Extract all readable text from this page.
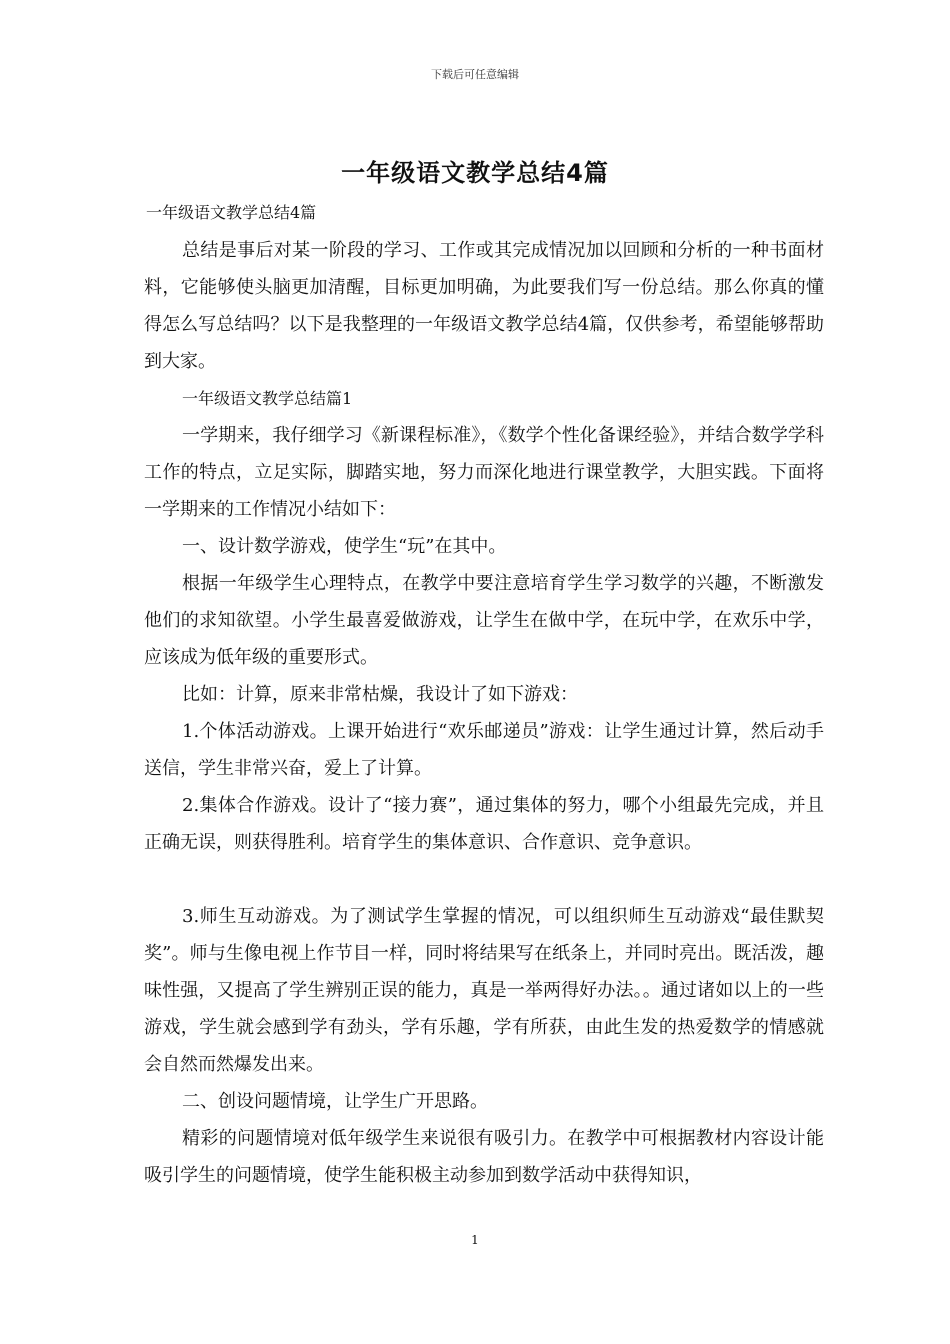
下载后可任意编辑
一年级语文教学总结4篇
一年级语文教学总结4篇

总结是事后对某一阶段的学习、工作或其完成情况加以回顾和分析的一种书面材料，它能够使头脑更加清醒，目标更加明确，为此要我们写一份总结。那么你真的懂得怎么写总结吗？以下是我整理的一年级语文教学总结4篇，仅供参考，希望能够帮助到大家。

一年级语文教学总结篇1

一学期来，我仔细学习《新课程标准》，《数学个性化备课经验》，并结合数学学科工作的特点，立足实际，脚踏实地，努力而深化地进行课堂教学，大胆实践。下面将一学期来的工作情况小结如下：

一、设计数学游戏，使学生“玩”在其中。

根据一年级学生心理特点，在教学中要注意培育学生学习数学的兴趣，不断激发他们的求知欲望。小学生最喜爱做游戏，让学生在做中学，在玩中学，在欢乐中学，应该成为低年级的重要形式。

比如：计算，原来非常枯燥，我设计了如下游戏：

1.个体活动游戏。上课开始进行“欢乐邮递员”游戏：让学生通过计算，然后动手送信，学生非常兴奋，爱上了计算。

2.集体合作游戏。设计了“接力赛”，通过集体的努力，哪个小组最先完成，并且正确无误，则获得胜利。培育学生的集体意识、合作意识、竞争意识。

3.师生互动游戏。为了测试学生掌握的情况，可以组织师生互动游戏“最佳默契奖”。师与生像电视上作节目一样，同时将结果写在纸条上，并同时亮出。既活泼，趣味性强，又提高了学生辨别正误的能力，真是一举两得好办法。。通过诸如以上的一些游戏，学生就会感到学有劲头，学有乐趣，学有所获，由此生发的热爱数学的情感就会自然而然爆发出来。

二、创设问题情境，让学生广开思路。

精彩的问题情境对低年级学生来说很有吸引力。在教学中可根据教材内容设计能吸引学生的问题情境，使学生能积极主动参加到数学活动中获得知识，

1
